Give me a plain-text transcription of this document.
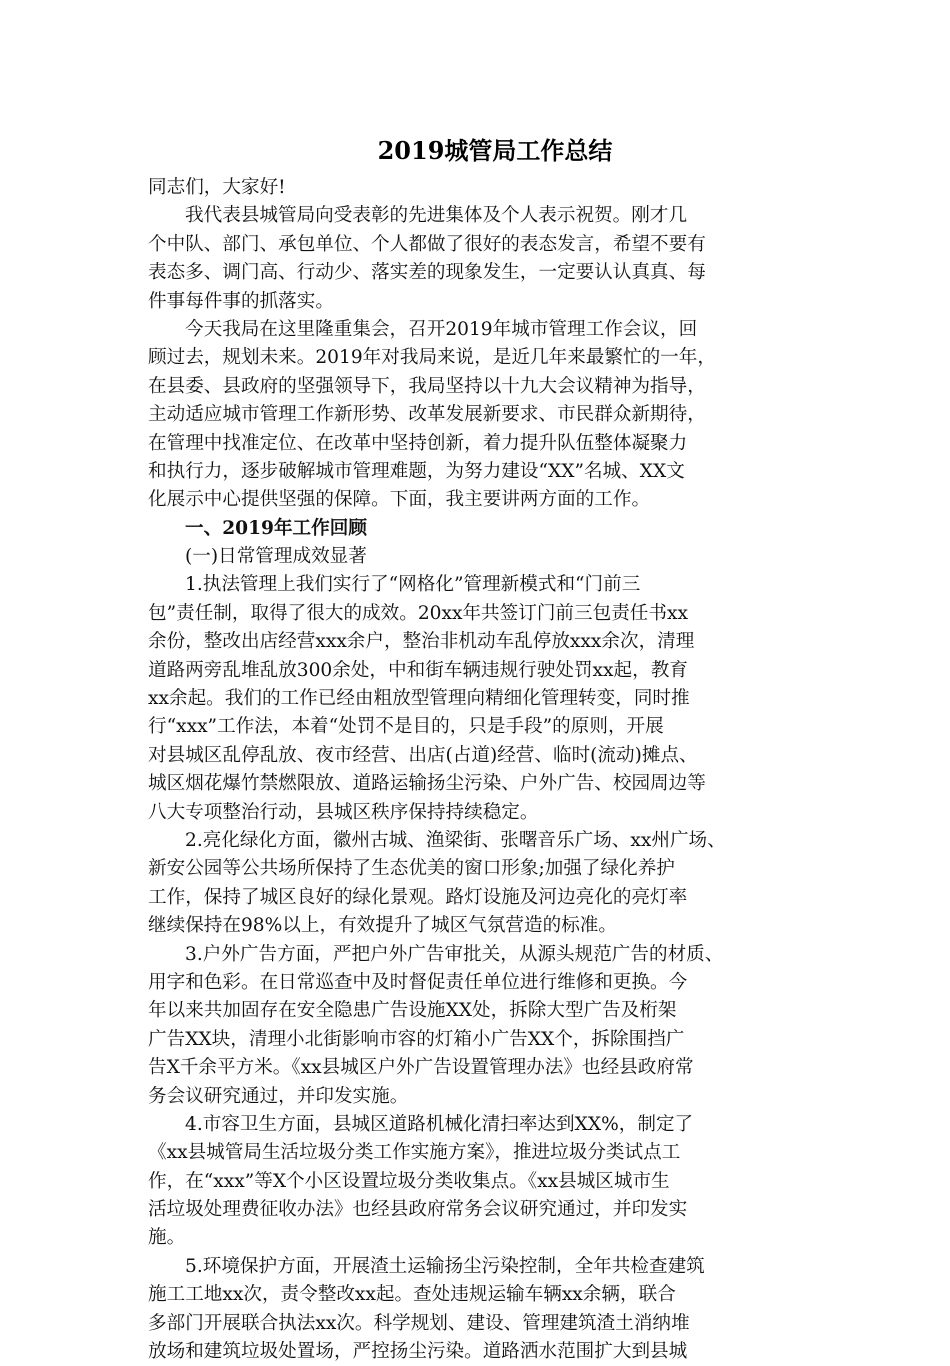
2019城管局工作总结
同志们，大家好!
我代表县城管局向受表彰的先进集体及个人表示祝贺。刚才几
个中队、部门、承包单位、个人都做了很好的表态发言，希望不要有
表态多、调门高、行动少、落实差的现象发生，一定要认认真真、每
件事每件事的抓落实。
今天我局在这里隆重集会，召开2019年城市管理工作会议，回
顾过去，规划未来。2019年对我局来说，是近几年来最繁忙的一年，
在县委、县政府的坚强领导下，我局坚持以十九大会议精神为指导，
主动适应城市管理工作新形势、改革发展新要求、市民群众新期待，
在管理中找准定位、在改革中坚持创新，着力提升队伍整体凝聚力
和执行力，逐步破解城市管理难题，为努力建设“XX”名城、XX文
化展示中心提供坚强的保障。下面，我主要讲两方面的工作。
一、2019年工作回顾
(一)日常管理成效显著
1.执法管理上我们实行了“网格化”管理新模式和“门前三
包”责任制，取得了很大的成效。20xx年共签订门前三包责任书xx
余份，整改出店经营xxx余户，整治非机动车乱停放xxx余次，清理
道路两旁乱堆乱放300余处，中和街车辆违规行驶处罚xx起，教育
xx余起。我们的工作已经由粗放型管理向精细化管理转变，同时推
行“xxx”工作法，本着“处罚不是目的，只是手段”的原则，开展
对县城区乱停乱放、夜市经营、出店(占道)经营、临时(流动)摊点、
城区烟花爆竹禁燃限放、道路运输扬尘污染、户外广告、校园周边等
八大专项整治行动，县城区秩序保持持续稳定。
2.亮化绿化方面，徽州古城、渔梁街、张曙音乐广场、xx州广场、
新安公园等公共场所保持了生态优美的窗口形象;加强了绿化养护
工作，保持了城区良好的绿化景观。路灯设施及河边亮化的亮灯率
继续保持在98%以上，有效提升了城区气氛营造的标准。
3.户外广告方面，严把户外广告审批关，从源头规范广告的材质、
用字和色彩。在日常巡查中及时督促责任单位进行维修和更换。今
年以来共加固存在安全隐患广告设施XX处，拆除大型广告及桁架
广告XX块，清理小北街影响市容的灯箱小广告XX个，拆除围挡广
告X千余平方米。《xx县城区户外广告设置管理办法》也经县政府常
务会议研究通过，并印发实施。
4.市容卫生方面，县城区道路机械化清扫率达到XX%，制定了
《xx县城管局生活垃圾分类工作实施方案》，推进垃圾分类试点工
作，在“xxx”等X个小区设置垃圾分类收集点。《xx县城区城市生
活垃圾处理费征收办法》也经县政府常务会议研究通过，并印发实
施。
5.环境保护方面，开展渣土运输扬尘污染控制，全年共检查建筑
施工工地xx次，责令整改xx起。查处违规运输车辆xx余辆，联合
多部门开展联合执法xx次。科学规划、建设、管理建筑渣土消纳堆
放场和建筑垃圾处置场，严控扬尘污染。道路洒水范围扩大到县城
